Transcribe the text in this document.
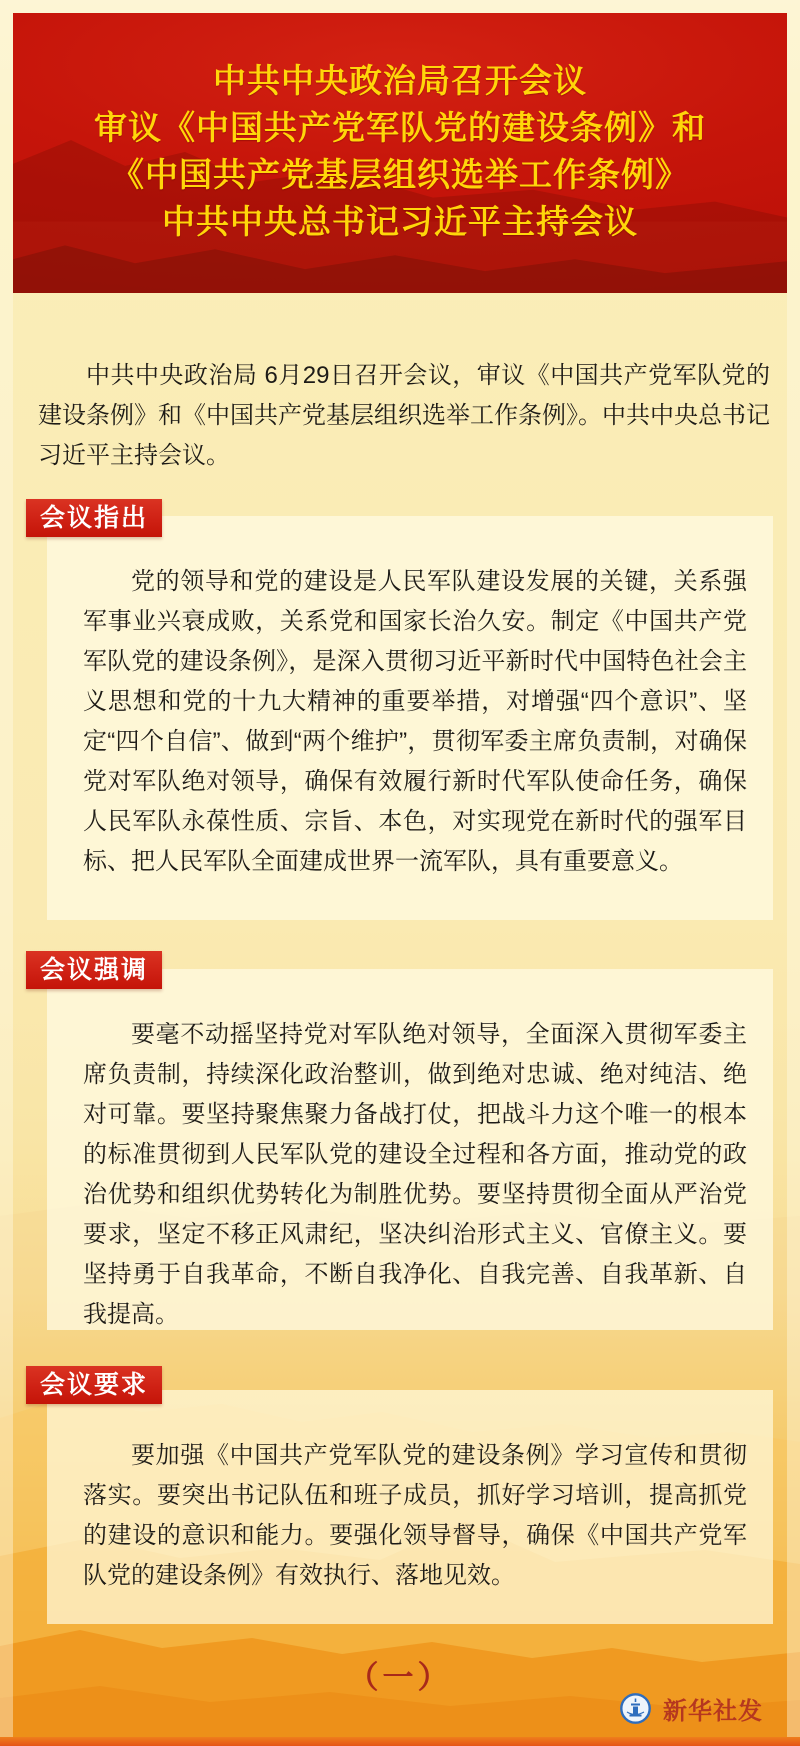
中共中央政治局召开会议
审议《中国共产党军队党的建设条例》和
《中国共产党基层组织选举工作条例》
中共中央总书记习近平主持会议

中共中央政治局 6月29日召开会议，审议《中国共产党军队党的建设条例》和《中国共产党基层组织选举工作条例》。中共中央总书记习近平主持会议。

会议指出

党的领导和党的建设是人民军队建设发展的关键，关系强军事业兴衰成败，关系党和国家长治久安。制定《中国共产党军队党的建设条例》，是深入贯彻习近平新时代中国特色社会主义思想和党的十九大精神的重要举措，对增强“四个意识”、坚定“四个自信”、做到“两个维护”，贯彻军委主席负责制，对确保党对军队绝对领导，确保有效履行新时代军队使命任务，确保人民军队永葆性质、宗旨、本色，对实现党在新时代的强军目标、把人民军队全面建成世界一流军队，具有重要意义。

会议强调

要毫不动摇坚持党对军队绝对领导，全面深入贯彻军委主席负责制，持续深化政治整训，做到绝对忠诚、绝对纯洁、绝对可靠。要坚持聚焦聚力备战打仗，把战斗力这个唯一的根本的标准贯彻到人民军队党的建设全过程和各方面，推动党的政治优势和组织优势转化为制胜优势。要坚持贯彻全面从严治党要求，坚定不移正风肃纪，坚决纠治形式主义、官僚主义。要坚持勇于自我革命，不断自我净化、自我完善、自我革新、自我提高。

会议要求

要加强《中国共产党军队党的建设条例》学习宣传和贯彻落实。要突出书记队伍和班子成员，抓好学习培训，提高抓党的建设的意识和能力。要强化领导督导，确保《中国共产党军队党的建设条例》有效执行、落地见效。

（一）
新华社发
